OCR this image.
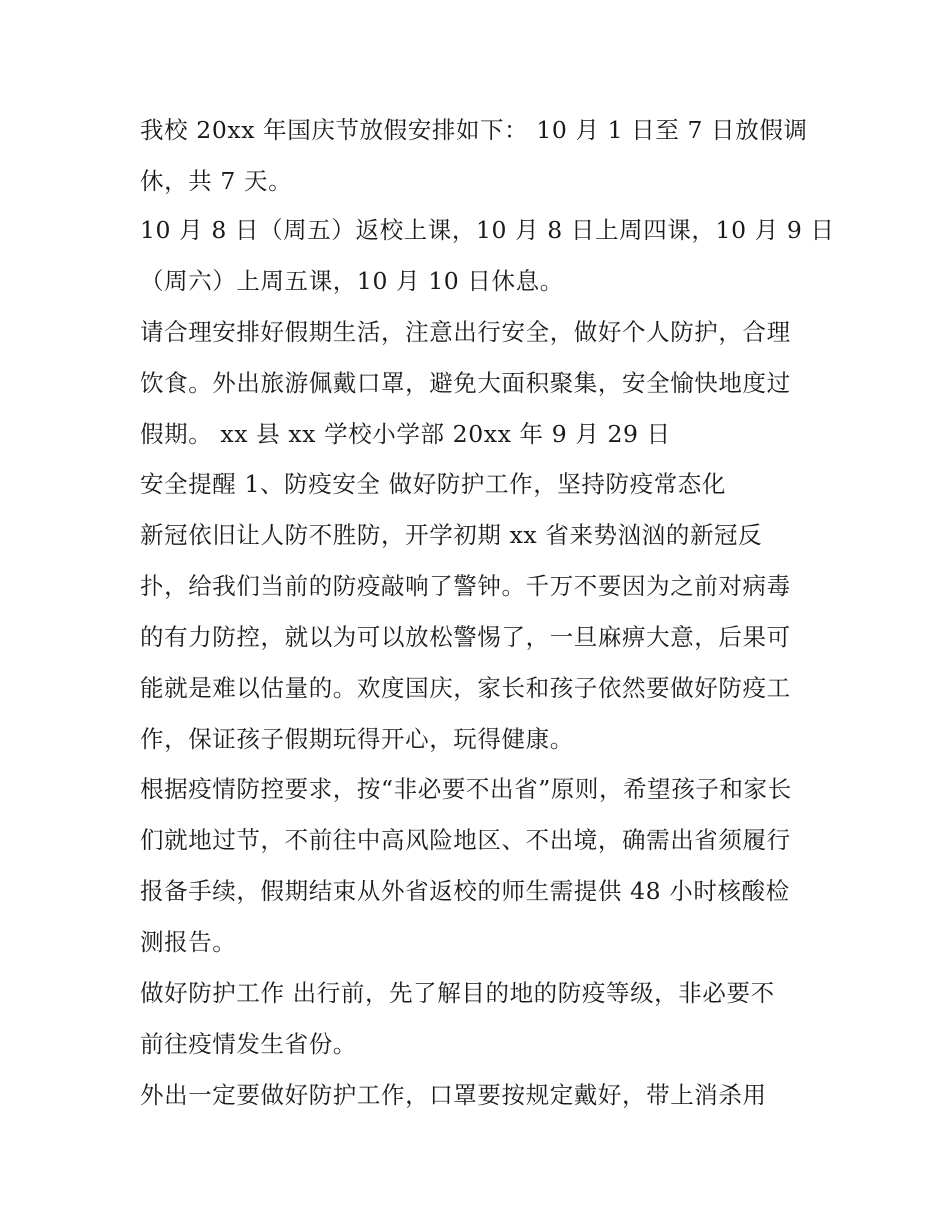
我校 20xx 年国庆节放假安排如下： 10 月 1 日至 7 日放假调
休，共 7 天。
10 月 8 日（周五）返校上课，10 月 8 日上周四课，10 月 9 日
（周六）上周五课，10 月 10 日休息。
请合理安排好假期生活，注意出行安全，做好个人防护，合理
饮食。外出旅游佩戴口罩，避免大面积聚集，安全愉快地度过
假期。 xx 县 xx 学校小学部 20xx 年 9 月 29 日
安全提醒 1、防疫安全 做好防护工作，坚持防疫常态化
新冠依旧让人防不胜防，开学初期 xx 省来势汹汹的新冠反
扑，给我们当前的防疫敲响了警钟。千万不要因为之前对病毒
的有力防控，就以为可以放松警惕了，一旦麻痹大意，后果可
能就是难以估量的。欢度国庆，家长和孩子依然要做好防疫工
作，保证孩子假期玩得开心，玩得健康。
根据疫情防控要求，按“非必要不出省”原则，希望孩子和家长
们就地过节，不前往中高风险地区、不出境，确需出省须履行
报备手续，假期结束从外省返校的师生需提供 48 小时核酸检
测报告。
做好防护工作 出行前，先了解目的地的防疫等级，非必要不
前往疫情发生省份。
外出一定要做好防护工作，口罩要按规定戴好，带上消杀用
